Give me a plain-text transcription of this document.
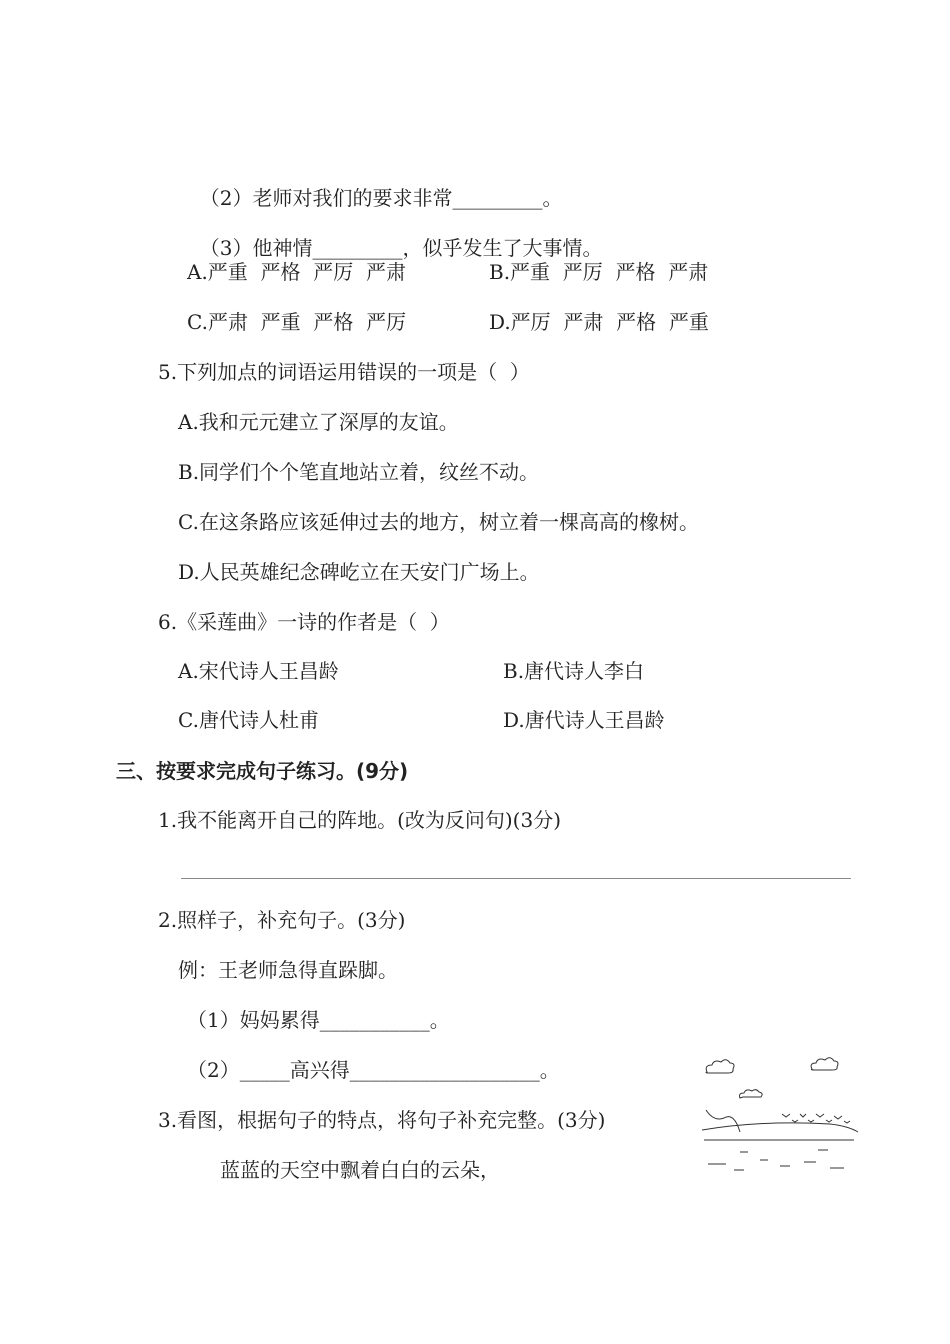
（2）老师对我们的要求非常_________。

（3）他神情_________，似乎发生了大事情。

A.严重  严格  严厉  严肃	B.严重  严厉  严格  严肃
C.严肃  严重  严格  严厉	D.严厉  严肃  严格  严重
5.下列加点的词语运用错误的一项是（  ）
A.我和元元建立了深厚的友谊。
B.同学们个个笔直地站立着，纹丝不动。
C.在这条路应该延伸过去的地方，树立着一棵高高的橡树。
D.人民英雄纪念碑屹立在天安门广场上。
6.《采莲曲》一诗的作者是（  ）
A.宋代诗人王昌龄	B.唐代诗人李白
C.唐代诗人杜甫	D.唐代诗人王昌龄
三、按要求完成句子练习。(9分)
1.我不能离开自己的阵地。(改为反问句)(3分)
2.照样子，补充句子。(3分)
例：王老师急得直跺脚。
（1）妈妈累得___________。
（2）_____高兴得___________________。
3.看图，根据句子的特点，将句子补充完整。(3分)
蓝蓝的天空中飘着白白的云朵，
